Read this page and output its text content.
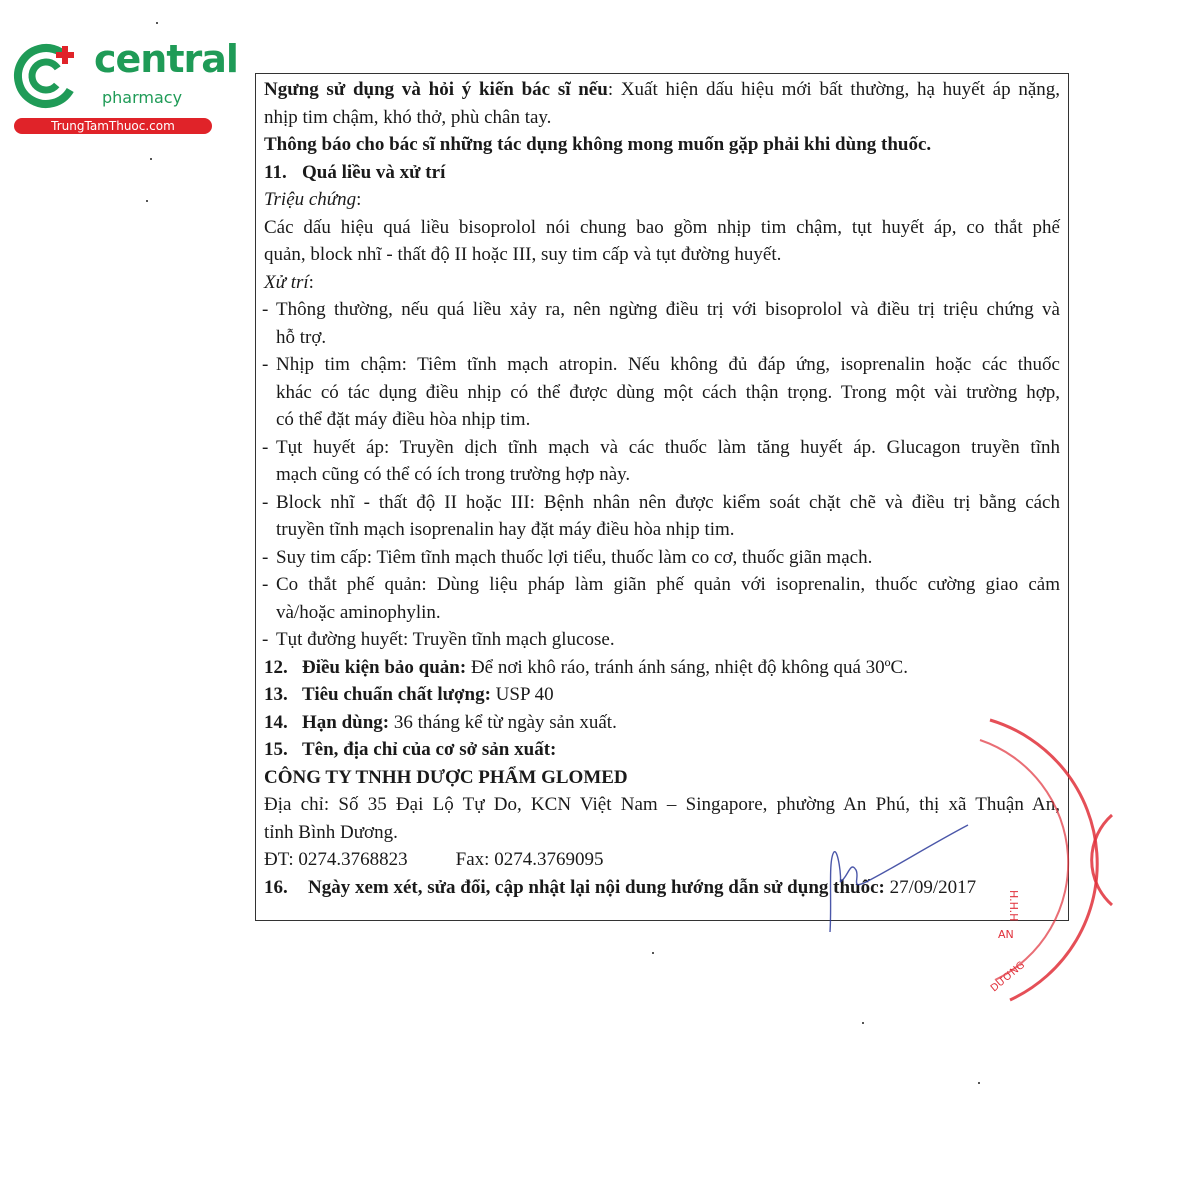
central
pharmacy
TrungTamThuoc.com
Ngưng sử dụng và hỏi ý kiến bác sĩ nếu: Xuất hiện dấu hiệu mới bất thường, hạ huyết áp nặng,
nhịp tim chậm, khó thở, phù chân tay.
Thông báo cho bác sĩ những tác dụng không mong muốn gặp phải khi dùng thuốc.
11. Quá liều và xử trí
Triệu chứng:
Các dấu hiệu quá liều bisoprolol nói chung bao gồm nhịp tim chậm, tụt huyết áp, co thắt phế
quản, block nhĩ - thất độ II hoặc III, suy tim cấp và tụt đường huyết.
Xử trí:
- Thông thường, nếu quá liều xảy ra, nên ngừng điều trị với bisoprolol và điều trị triệu chứng và
hỗ trợ.
- Nhịp tim chậm: Tiêm tĩnh mạch atropin. Nếu không đủ đáp ứng, isoprenalin hoặc các thuốc
khác có tác dụng điều nhịp có thể được dùng một cách thận trọng. Trong một vài trường hợp,
có thể đặt máy điều hòa nhịp tim.
- Tụt huyết áp: Truyền dịch tĩnh mạch và các thuốc làm tăng huyết áp. Glucagon truyền tĩnh
mạch cũng có thể có ích trong trường hợp này.
- Block nhĩ - thất độ II hoặc III: Bệnh nhân nên được kiểm soát chặt chẽ và điều trị bằng cách
truyền tĩnh mạch isoprenalin hay đặt máy điều hòa nhịp tim.
- Suy tim cấp: Tiêm tĩnh mạch thuốc lợi tiểu, thuốc làm co cơ, thuốc giãn mạch.
- Co thắt phế quản: Dùng liệu pháp làm giãn phế quản với isoprenalin, thuốc cường giao cảm
và/hoặc aminophylin.
- Tụt đường huyết: Truyền tĩnh mạch glucose.
12. Điều kiện bảo quản: Để nơi khô ráo, tránh ánh sáng, nhiệt độ không quá 30ºC.
13. Tiêu chuẩn chất lượng: USP 40
14. Hạn dùng: 36 tháng kể từ ngày sản xuất.
15. Tên, địa chỉ của cơ sở sản xuất:
CÔNG TY TNHH DƯỢC PHẨM GLOMED
Địa chỉ: Số 35 Đại Lộ Tự Do, KCN Việt Nam – Singapore, phường An Phú, thị xã Thuận An,
tỉnh Bình Dương.
ĐT: 0274.3768823	Fax: 0274.3769095
16. Ngày xem xét, sửa đổi, cập nhật lại nội dung hướng dẫn sử dụng thuốc: 27/09/2017
AN
DƯƠNG
H.H.H
